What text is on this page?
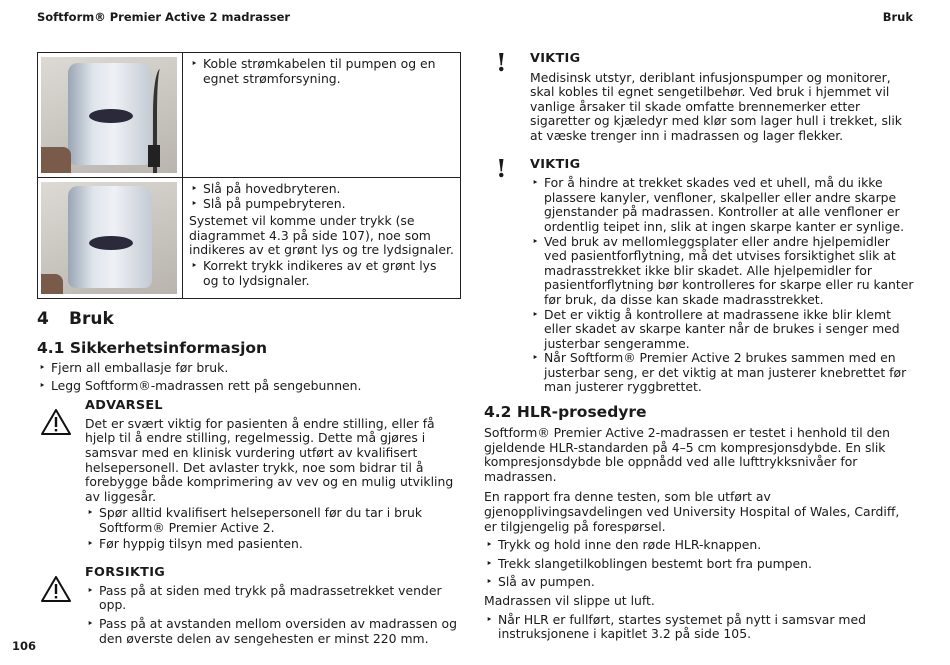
Softform® Premier Active 2 madrasser	Bruk

	‣ Koble strømkabelen til pumpen og en egnet strømforsyning.

	‣ Slå på hovedbryteren.
‣ Slå på pumpebryteren.

Systemet vil komme under trykk (se diagrammet 4.3 på side 107), noe som indikeres av et grønt lys og tre lydsignaler.

‣ Korrekt trykk indikeres av et grønt lys og to lydsignaler.
4 Bruk
4.1 Sikkerhetsinformasjon
‣ Fjern all emballasje før bruk.
‣ Legg Softform®-madrassen rett på sengebunnen.
ADVARSEL

Det er svært viktig for pasienten å endre stilling, eller få hjelp til å endre stilling, regelmessig. Dette må gjøres i samsvar med en klinisk vurdering utført av kvalifisert helsepersonell. Det avlaster trykk, noe som bidrar til å forebygge både komprimering av vev og en mulig utvikling av liggesår.

‣ Spør alltid kvalifisert helsepersonell før du tar i bruk Softform® Premier Active 2.
‣ Før hyppig tilsyn med pasienten.
FORSIKTIG
‣ Pass på at siden med trykk på madrassetrekket vender opp.
‣ Pass på at avstanden mellom oversiden av madrassen og den øverste delen av sengehesten er minst 220 mm.
! VIKTIG

Medisinsk utstyr, deriblant infusjonspumper og monitorer, skal kobles til egnet sengetilbehør. Ved bruk i hjemmet vil vanlige årsaker til skade omfatte brennemerker etter sigaretter og kjæledyr med klør som lager hull i trekket, slik at væske trenger inn i madrassen og lager flekker.

! VIKTIG
‣ For å hindre at trekket skades ved et uhell, må du ikke plassere kanyler, venfloner, skalpeller eller andre skarpe gjenstander på madrassen. Kontroller at alle venfloner er ordentlig teipet inn, slik at ingen skarpe kanter er synlige.
‣ Ved bruk av mellomleggsplater eller andre hjelpemidler ved pasientforflytning, må det utvises forsiktighet slik at madrasstrekket ikke blir skadet. Alle hjelpemidler for pasientforflytning bør kontrolleres for skarpe eller ru kanter før bruk, da disse kan skade madrasstrekket.
‣ Det er viktig å kontrollere at madrassene ikke blir klemt eller skadet av skarpe kanter når de brukes i senger med justerbar sengeramme.
‣ Når Softform® Premier Active 2 brukes sammen med en justerbar seng, er det viktig at man justerer knebrettet før man justerer ryggbrettet.
4.2 HLR-prosedyre

Softform® Premier Active 2-madrassen er testet i henhold til den gjeldende HLR-standarden på 4–5 cm kompresjonsdybde. En slik kompresjonsdybde ble oppnådd ved alle lufttrykksnivåer for madrassen.

En rapport fra denne testen, som ble utført av gjenopplivingsavdelingen ved University Hospital of Wales, Cardiff, er tilgjengelig på forespørsel.

‣ Trykk og hold inne den røde HLR-knappen.
‣ Trekk slangetilkoblingen bestemt bort fra pumpen.
‣ Slå av pumpen.

Madrassen vil slippe ut luft.

‣ Når HLR er fullført, startes systemet på nytt i samsvar med instruksjonene i kapitlet 3.2 på side 105.
106
